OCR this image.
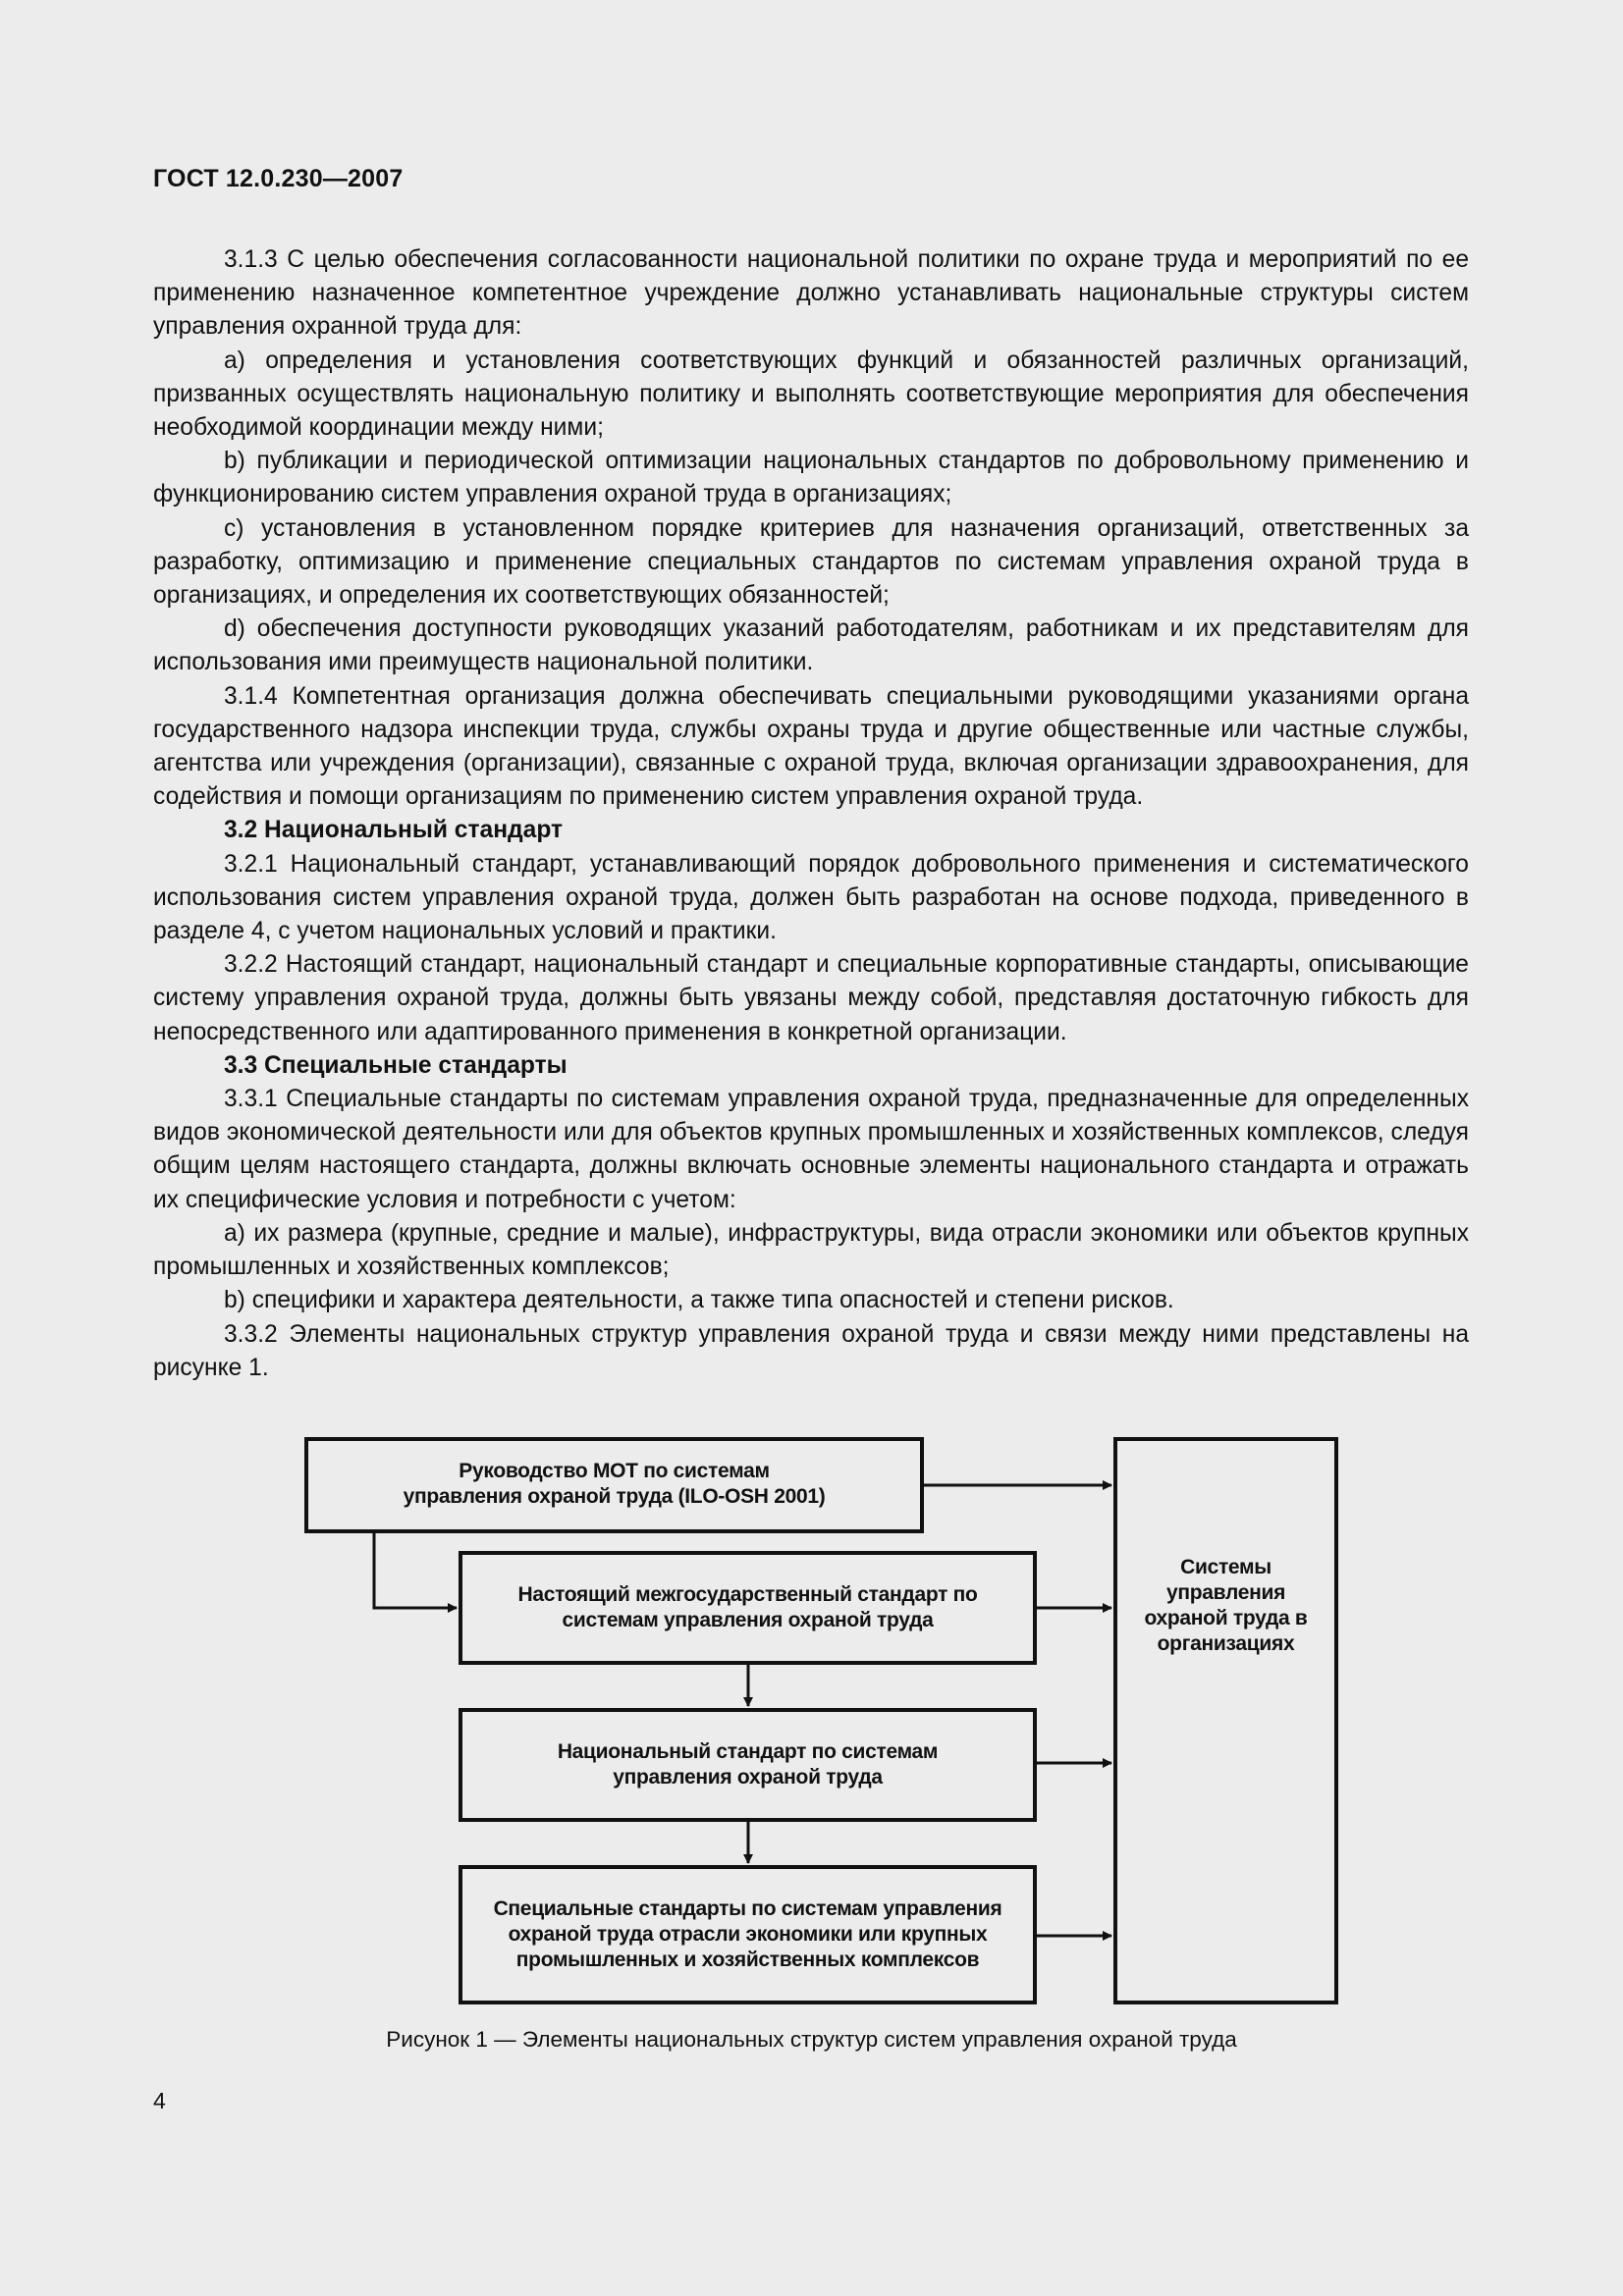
ГОСТ 12.0.230—2007

3.1.3 С целью обеспечения согласованности национальной политики по охране труда и мероприятий по ее применению назначенное компетентное учреждение должно устанавливать национальные структуры систем управления охранной труда для:

a) определения и установления соответствующих функций и обязанностей различных организаций, призванных осуществлять национальную политику и выполнять соответствующие мероприятия для обеспечения необходимой координации между ними;

b) публикации и периодической оптимизации национальных стандартов по добровольному применению и функционированию систем управления охраной труда в организациях;

c) установления в установленном порядке критериев для назначения организаций, ответственных за разработку, оптимизацию и применение специальных стандартов по системам управления охраной труда в организациях, и определения их соответствующих обязанностей;

d) обеспечения доступности руководящих указаний работодателям, работникам и их представителям для использования ими преимуществ национальной политики.

3.1.4 Компетентная организация должна обеспечивать специальными руководящими указаниями органа государственного надзора инспекции труда, службы охраны труда и другие общественные или частные службы, агентства или учреждения (организации), связанные с охраной труда, включая организации здравоохранения, для содействия и помощи организациям по применению систем управления охраной труда.

3.2 Национальный стандарт

3.2.1 Национальный стандарт, устанавливающий порядок добровольного применения и систематического использования систем управления охраной труда, должен быть разработан на основе подхода, приведенного в разделе 4, с учетом национальных условий и практики.

3.2.2 Настоящий стандарт, национальный стандарт и специальные корпоративные стандарты, описывающие систему управления охраной труда, должны быть увязаны между собой, представляя достаточную гибкость для непосредственного или адаптированного применения в конкретной организации.

3.3 Специальные стандарты

3.3.1 Специальные стандарты по системам управления охраной труда, предназначенные для определенных видов экономической деятельности или для объектов крупных промышленных и хозяйственных комплексов, следуя общим целям настоящего стандарта, должны включать основные элементы национального стандарта и отражать их специфические условия и потребности с учетом:

a) их размера (крупные, средние и малые), инфраструктуры, вида отрасли экономики или объектов крупных промышленных и хозяйственных комплексов;

b) специфики и характера деятельности, а также типа опасностей и степени рисков.

3.3.2 Элементы национальных структур управления охраной труда и связи между ними представлены на рисунке 1.

Руководство МОТ по системам управления охраной труда (ILO-OSH 2001)
Настоящий межгосударственный стандарт по системам управления охраной труда
Национальный стандарт по системам управления охраной труда
Специальные стандарты по системам управления охраной труда отрасли экономики или крупных промышленных и хозяйственных комплексов
Системы управления охраной труда в организациях
Рисунок 1 — Элементы национальных структур систем управления охраной труда
4
